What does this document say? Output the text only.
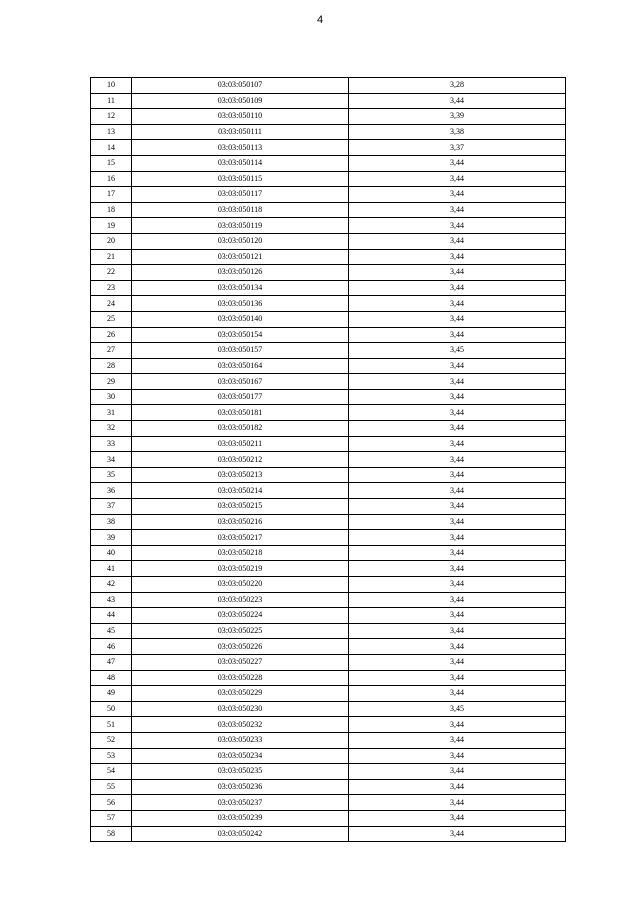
4
10	03:03:050107	3,28
11	03:03:050109	3,44
12	03:03:050110	3,39
13	03:03:050111	3,38
14	03:03:050113	3,37
15	03:03:050114	3,44
16	03:03:050115	3,44
17	03:03:050117	3,44
18	03:03:050118	3,44
19	03:03:050119	3,44
20	03:03:050120	3,44
21	03:03:050121	3,44
22	03:03:050126	3,44
23	03:03:050134	3,44
24	03:03:050136	3,44
25	03:03:050140	3,44
26	03:03:050154	3,44
27	03:03:050157	3,45
28	03:03:050164	3,44
29	03:03:050167	3,44
30	03:03:050177	3,44
31	03:03:050181	3,44
32	03:03:050182	3,44
33	03:03:050211	3,44
34	03:03:050212	3,44
35	03:03:050213	3,44
36	03:03:050214	3,44
37	03:03:050215	3,44
38	03:03:050216	3,44
39	03:03:050217	3,44
40	03:03:050218	3,44
41	03:03:050219	3,44
42	03:03:050220	3,44
43	03:03:050223	3,44
44	03:03:050224	3,44
45	03:03:050225	3,44
46	03:03:050226	3,44
47	03:03:050227	3,44
48	03:03:050228	3,44
49	03:03:050229	3,44
50	03:03:050230	3,45
51	03:03:050232	3,44
52	03:03:050233	3,44
53	03:03:050234	3,44
54	03:03:050235	3,44
55	03:03:050236	3,44
56	03:03:050237	3,44
57	03:03:050239	3,44
58	03:03:050242	3,44
